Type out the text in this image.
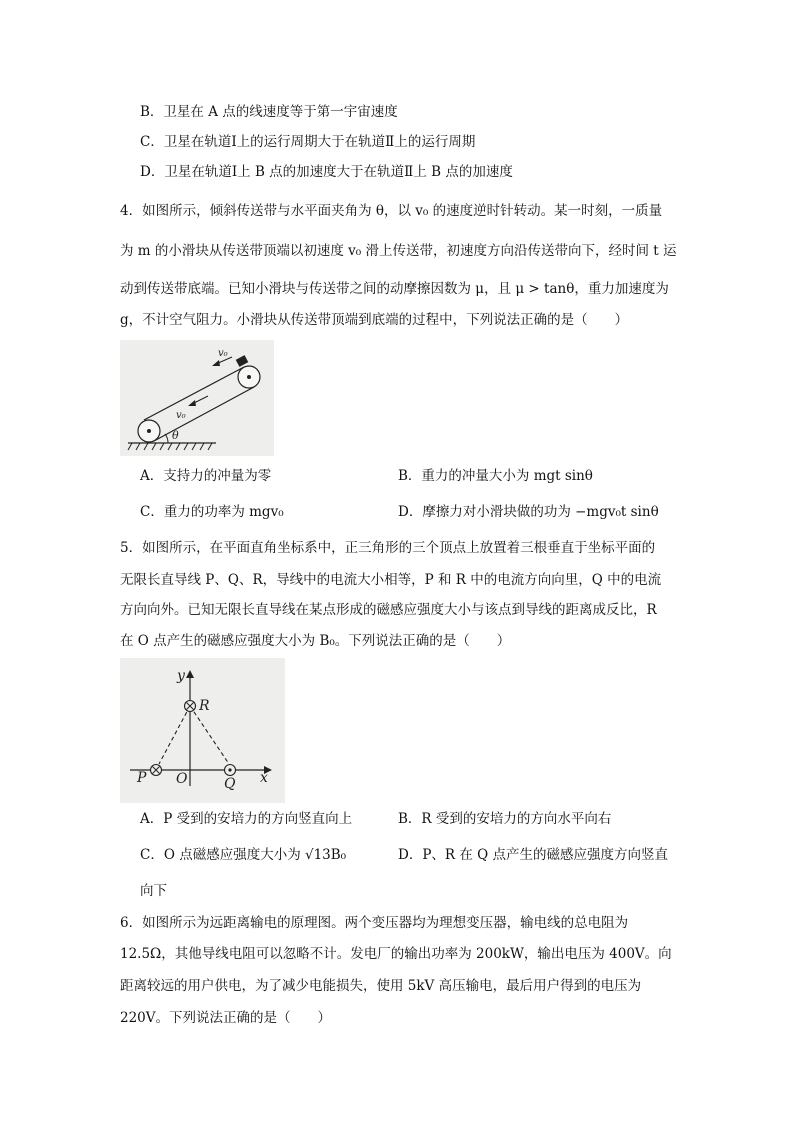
B．卫星在 A 点的线速度等于第一宇宙速度
C．卫星在轨道Ⅰ上的运行周期大于在轨道Ⅱ上的运行周期
D．卫星在轨道Ⅰ上 B 点的加速度大于在轨道Ⅱ上 B 点的加速度
4．如图所示，倾斜传送带与水平面夹角为 θ，以 v₀ 的速度逆时针转动。某一时刻，一质量
为 m 的小滑块从传送带顶端以初速度 v₀ 滑上传送带，初速度方向沿传送带向下，经时间 t 运
动到传送带底端。已知小滑块与传送带之间的动摩擦因数为 μ，且 μ > tanθ，重力加速度为
g，不计空气阻力。小滑块从传送带顶端到底端的过程中，下列说法正确的是（　　）
v₀
v₀
θ
A．支持力的冲量为零	B．重力的冲量大小为 mgt sinθ
C．重力的功率为 mgv₀	D．摩擦力对小滑块做的功为 −mgv₀t sinθ
5．如图所示，在平面直角坐标系中，正三角形的三个顶点上放置着三根垂直于坐标平面的
无限长直导线 P、Q、R，导线中的电流大小相等，P 和 R 中的电流方向向里，Q 中的电流
方向向外。已知无限长直导线在某点形成的磁感应强度大小与该点到导线的距离成反比，R
在 O 点产生的磁感应强度大小为 B₀。下列说法正确的是（　　）
y
x
R
P O	Q
A．P 受到的安培力的方向竖直向上	B．R 受到的安培力的方向水平向右
C．O 点磁感应强度大小为 √13B₀	D．P、R 在 Q 点产生的磁感应强度方向竖直
向下
6．如图所示为远距离输电的原理图。两个变压器均为理想变压器，输电线的总电阻为
12.5Ω，其他导线电阻可以忽略不计。发电厂的输出功率为 200kW，输出电压为 400V。向
距离较远的用户供电，为了减少电能损失，使用 5kV 高压输电，最后用户得到的电压为
220V。下列说法正确的是（　　）
